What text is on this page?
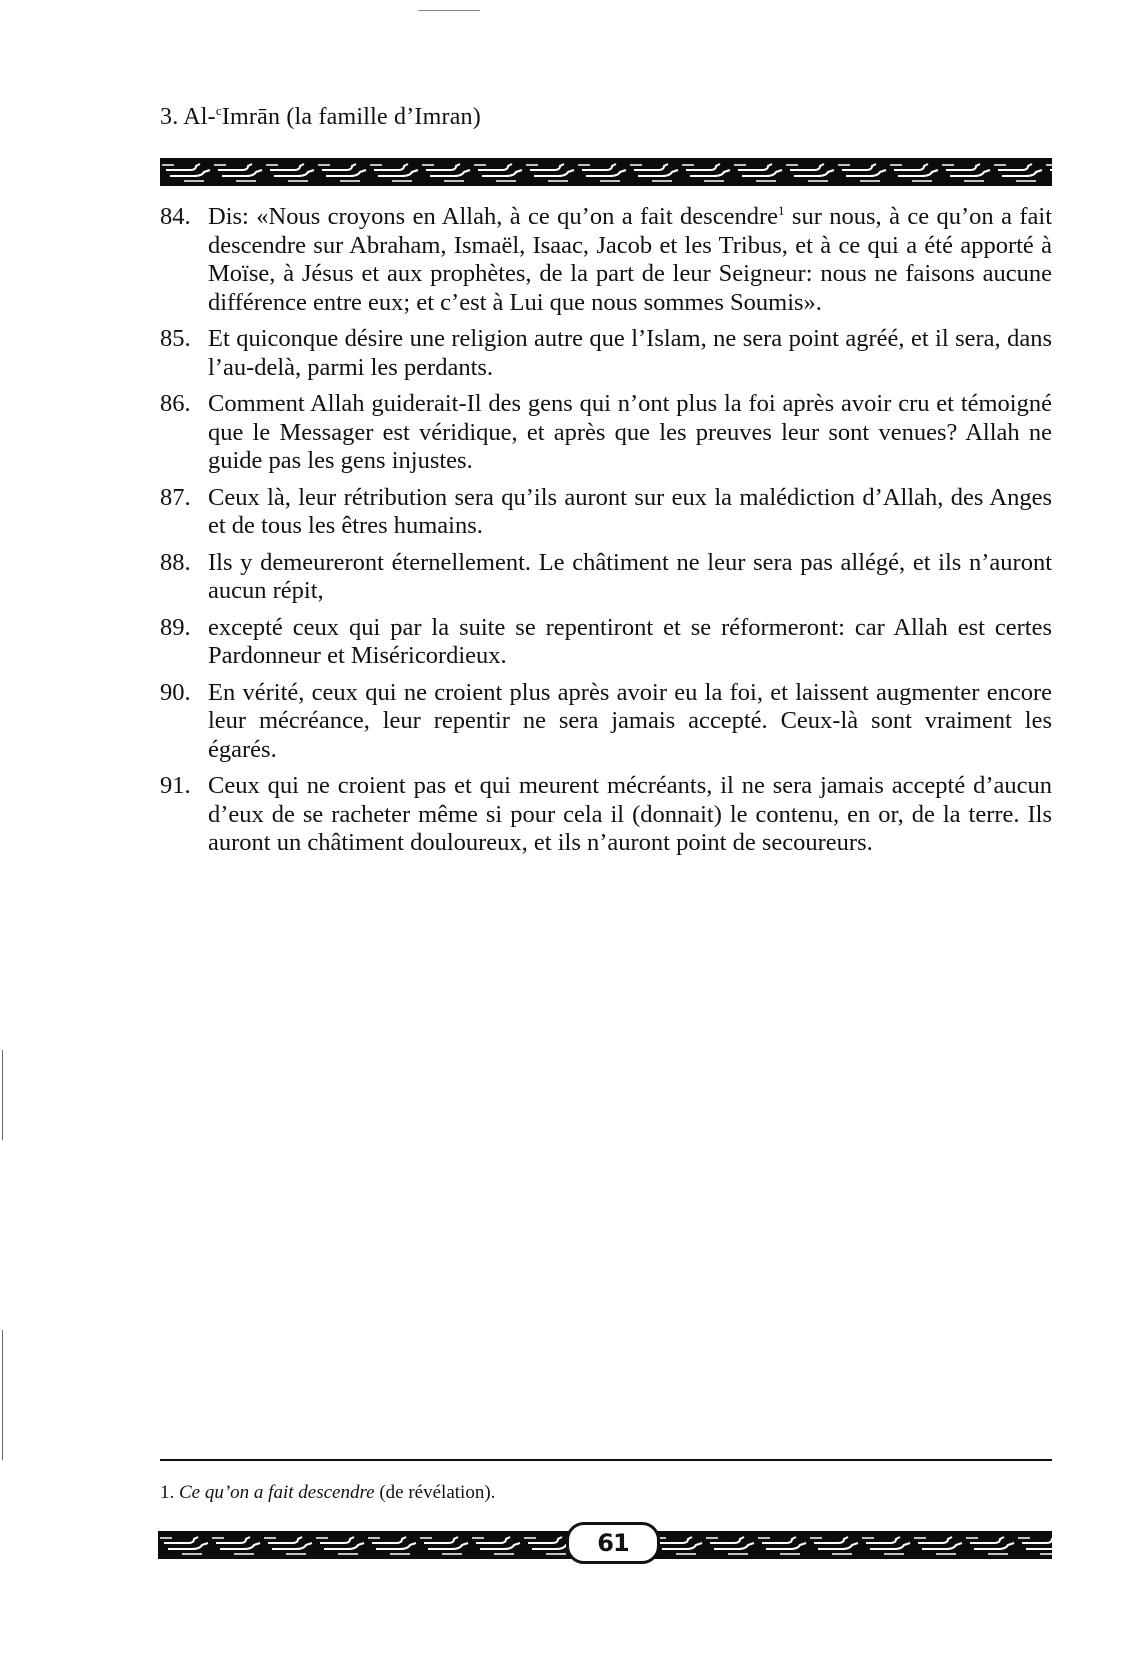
3. Al-$^c$Imrān (la famille d’Imran)
84. Dis: «Nous croyons en Allah, à ce qu’on a fait descendre$^1$ sur nous, à ce qu’on a fait descendre sur Abraham, Ismaël, Isaac, Jacob et les Tribus, et à ce qui a été apporté à Moïse, à Jésus et aux prophètes, de la part de leur Seigneur: nous ne faisons aucune différence entre eux; et c’est à Lui que nous sommes Soumis».
85. Et quiconque désire une religion autre que l’Islam, ne sera point agréé, et il sera, dans l’au-delà, parmi les perdants.
86. Comment Allah guiderait-Il des gens qui n’ont plus la foi après avoir cru et témoigné que le Messager est véridique, et après que les preuves leur sont venues? Allah ne guide pas les gens injustes.
87. Ceux là, leur rétribution sera qu’ils auront sur eux la malédiction d’Allah, des Anges et de tous les êtres humains.
88. Ils y demeureront éternellement. Le châtiment ne leur sera pas allégé, et ils n’auront aucun répit,
89. excepté ceux qui par la suite se repentiront et se réformeront: car Allah est certes Pardonneur et Miséricordieux.
90. En vérité, ceux qui ne croient plus après avoir eu la foi, et laissent augmenter encore leur mécréance, leur repentir ne sera jamais accepté. Ceux-là sont vraiment les égarés.
91. Ceux qui ne croient pas et qui meurent mécréants, il ne sera jamais accepté d’aucun d’eux de se racheter même si pour cela il (donnait) le contenu, en or, de la terre. Ils auront un châtiment douloureux, et ils n’auront point de secoureurs.
1. Ce qu’on a fait descendre (de révélation).
61
